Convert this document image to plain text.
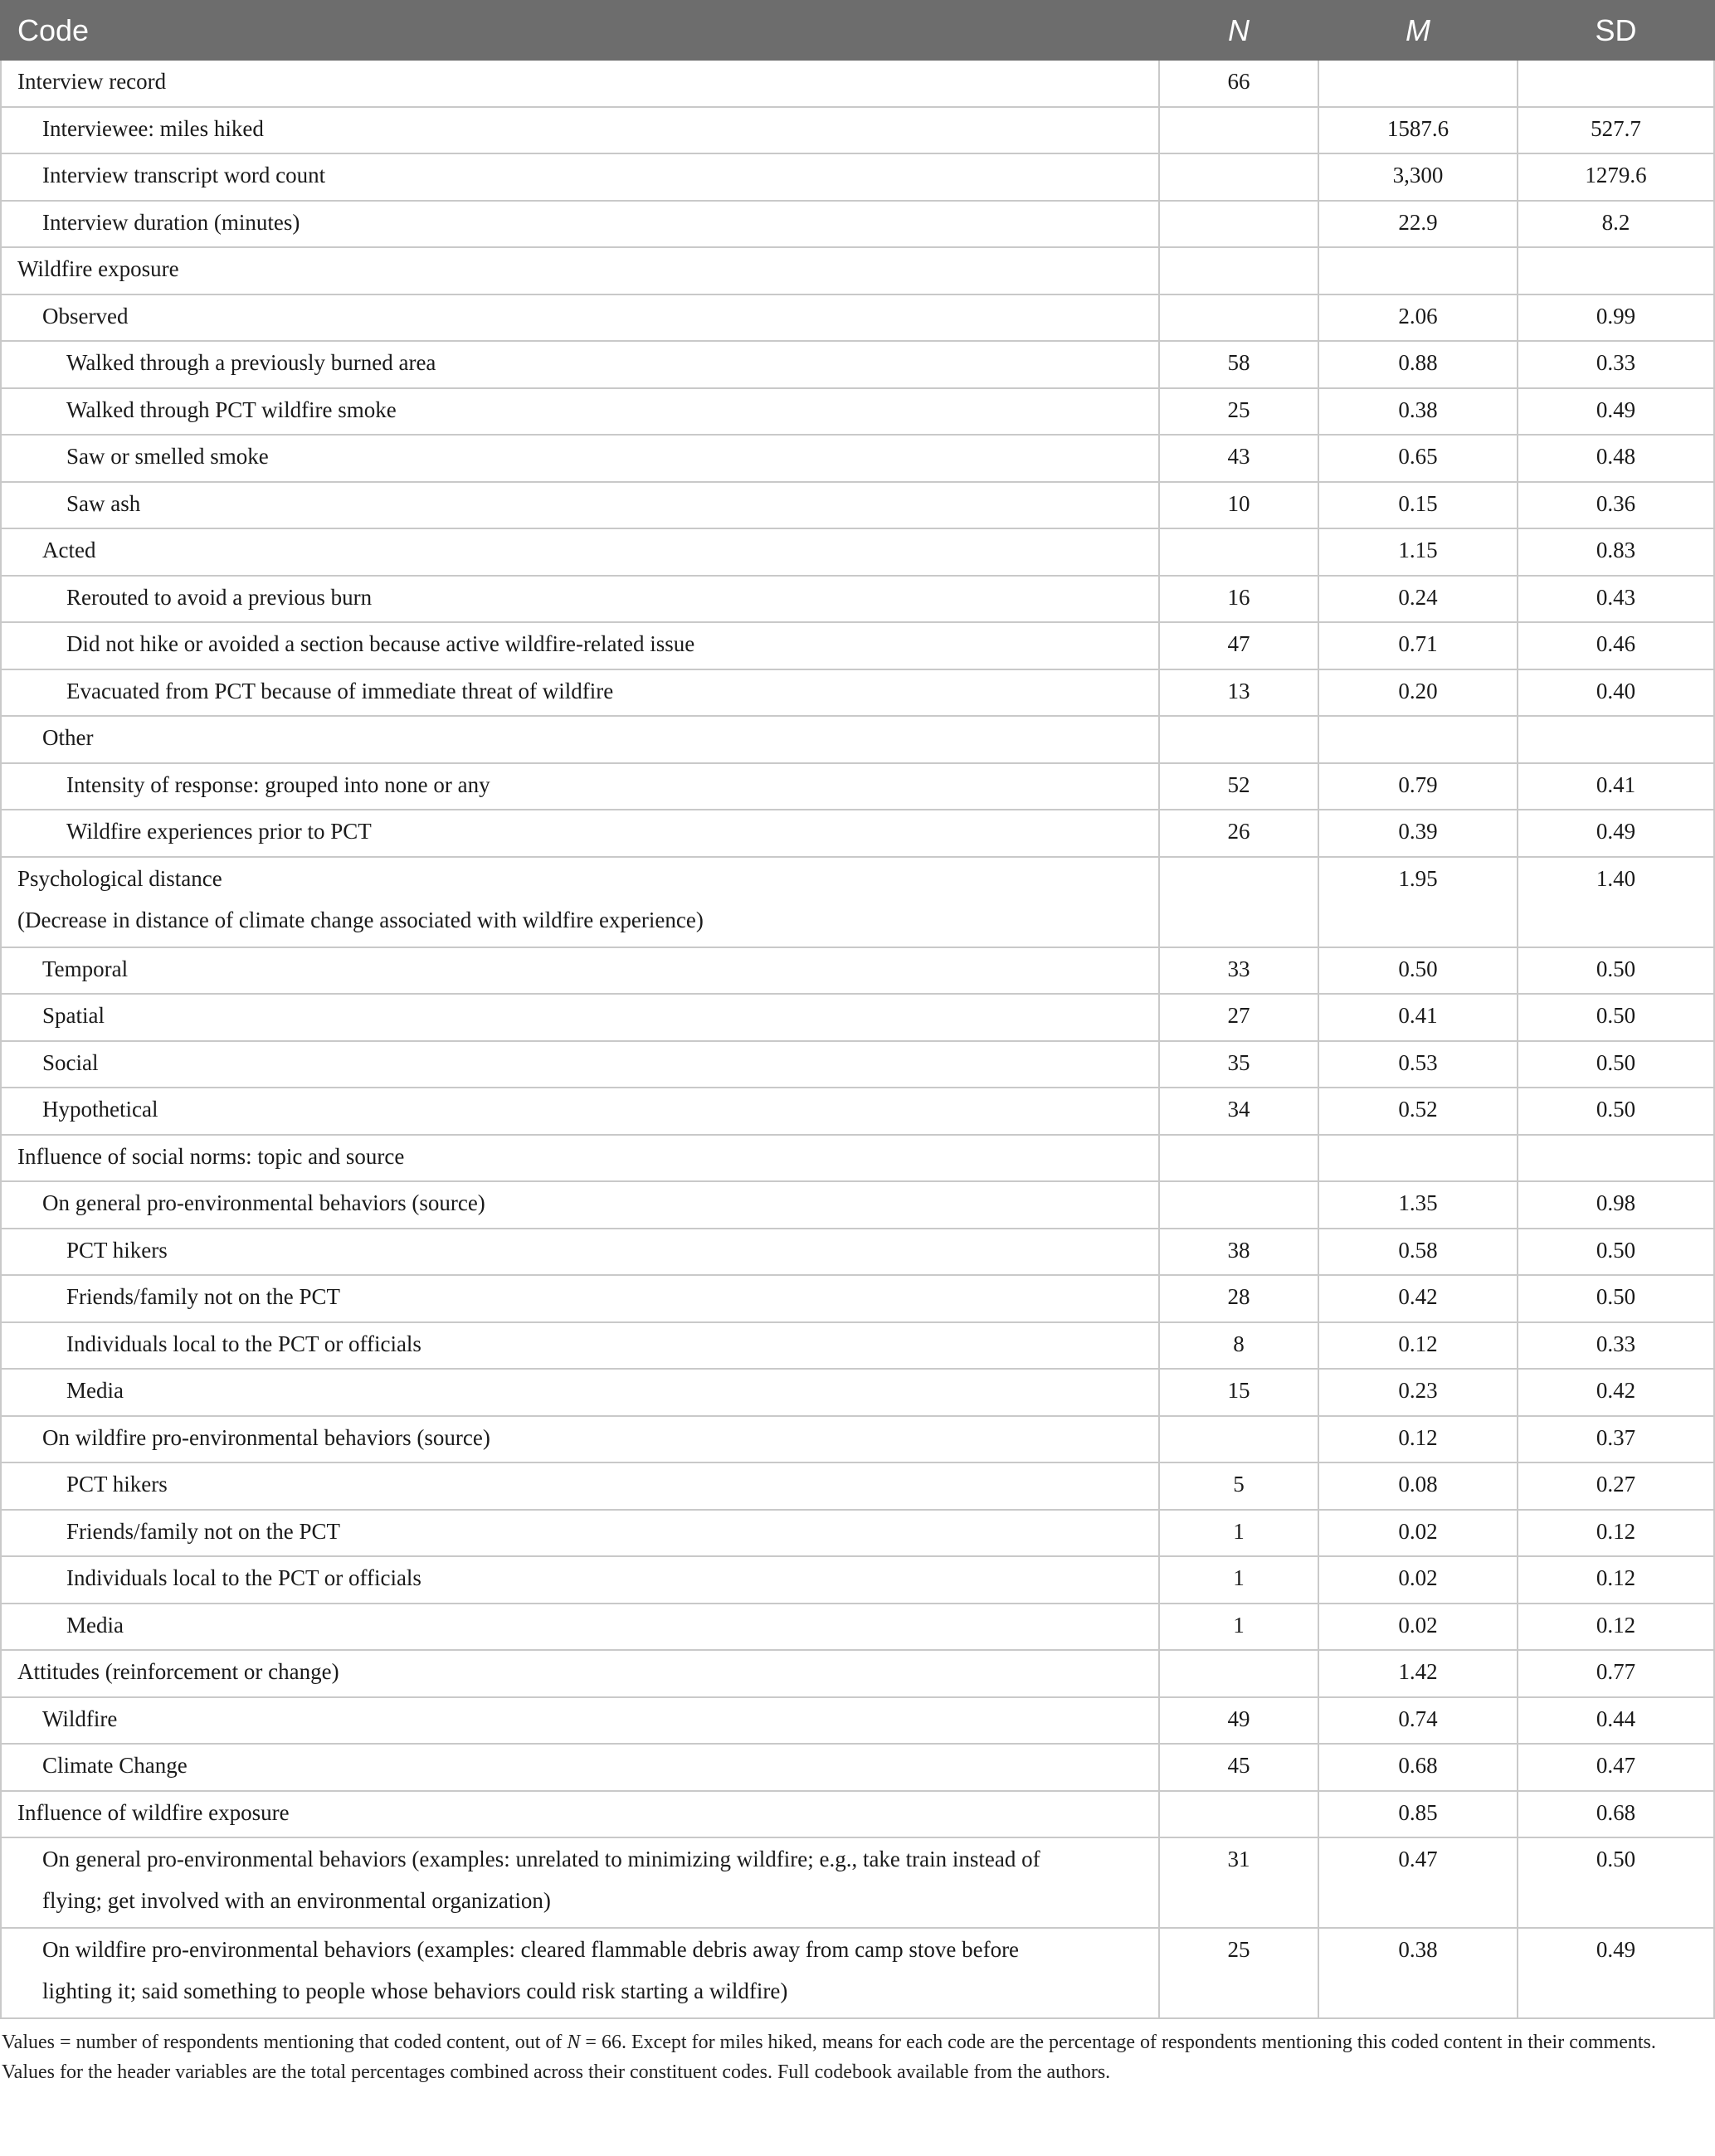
Code	N	M	SD
Interview record	66		
Interviewee: miles hiked		1587.6	527.7
Interview transcript word count		3,300	1279.6
Interview duration (minutes)		22.9	8.2
Wildfire exposure			
Observed		2.06	0.99
Walked through a previously burned area	58	0.88	0.33
Walked through PCT wildfire smoke	25	0.38	0.49
Saw or smelled smoke	43	0.65	0.48
Saw ash	10	0.15	0.36
Acted		1.15	0.83
Rerouted to avoid a previous burn	16	0.24	0.43
Did not hike or avoided a section because active wildfire-related issue	47	0.71	0.46
Evacuated from PCT because of immediate threat of wildfire	13	0.20	0.40
Other			
Intensity of response: grouped into none or any	52	0.79	0.41
Wildfire experiences prior to PCT	26	0.39	0.49
Psychological distance
(Decrease in distance of climate change associated with wildfire experience)		1.95	1.40
Temporal	33	0.50	0.50
Spatial	27	0.41	0.50
Social	35	0.53	0.50
Hypothetical	34	0.52	0.50
Influence of social norms: topic and source			
On general pro-environmental behaviors (source)		1.35	0.98
PCT hikers	38	0.58	0.50
Friends/family not on the PCT	28	0.42	0.50
Individuals local to the PCT or officials	8	0.12	0.33
Media	15	0.23	0.42
On wildfire pro-environmental behaviors (source)		0.12	0.37
PCT hikers	5	0.08	0.27
Friends/family not on the PCT	1	0.02	0.12
Individuals local to the PCT or officials	1	0.02	0.12
Media	1	0.02	0.12
Attitudes (reinforcement or change)		1.42	0.77
Wildfire	49	0.74	0.44
Climate Change	45	0.68	0.47
Influence of wildfire exposure		0.85	0.68
On general pro-environmental behaviors (examples: unrelated to minimizing wildfire; e.g., take train instead of
flying; get involved with an environmental organization)	31	0.47	0.50
On wildfire pro-environmental behaviors (examples: cleared flammable debris away from camp stove before
lighting it; said something to people whose behaviors could risk starting a wildfire)	25	0.38	0.49
Values = number of respondents mentioning that coded content, out of N = 66. Except for miles hiked, means for each code are the percentage of respondents mentioning this coded content in their comments. Values for the header variables are the total percentages combined across their constituent codes. Full codebook available from the authors.
